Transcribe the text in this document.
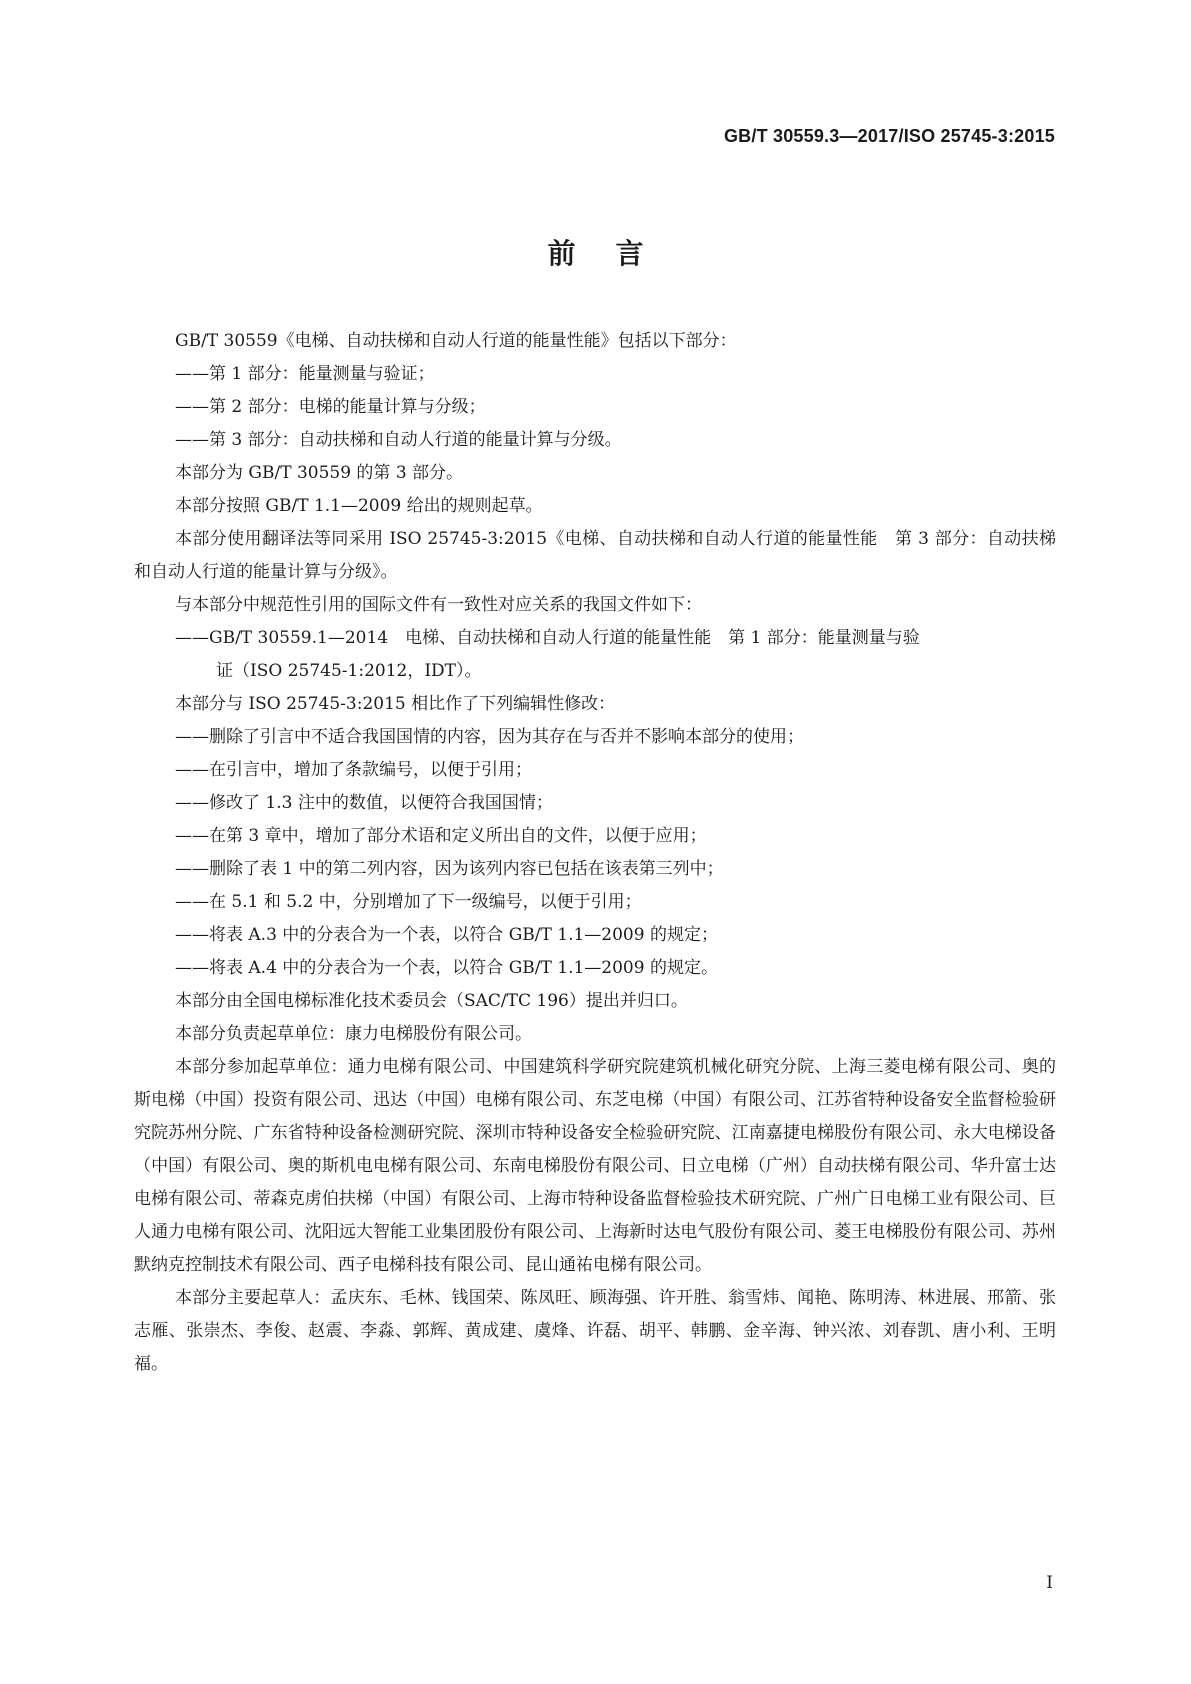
GB/T 30559.3—2017/ISO 25745-3:2015
前言
GB/T 30559《电梯、自动扶梯和自动人行道的能量性能》包括以下部分：
——第 1 部分：能量测量与验证；
——第 2 部分：电梯的能量计算与分级；
——第 3 部分：自动扶梯和自动人行道的能量计算与分级。
本部分为 GB/T 30559 的第 3 部分。
本部分按照 GB/T 1.1—2009 给出的规则起草。
本部分使用翻译法等同采用 ISO 25745-3:2015《电梯、自动扶梯和自动人行道的能量性能　第 3 部分：自动扶梯和自动人行道的能量计算与分级》。
与本部分中规范性引用的国际文件有一致性对应关系的我国文件如下：
——GB/T 30559.1—2014　电梯、自动扶梯和自动人行道的能量性能　第 1 部分：能量测量与验
证（ISO 25745-1:2012，IDT）。
本部分与 ISO 25745-3:2015 相比作了下列编辑性修改：
——删除了引言中不适合我国国情的内容，因为其存在与否并不影响本部分的使用；
——在引言中，增加了条款编号，以便于引用；
——修改了 1.3 注中的数值，以便符合我国国情；
——在第 3 章中，增加了部分术语和定义所出自的文件，以便于应用；
——删除了表 1 中的第二列内容，因为该列内容已包括在该表第三列中；
——在 5.1 和 5.2 中，分别增加了下一级编号，以便于引用；
——将表 A.3 中的分表合为一个表，以符合 GB/T 1.1—2009 的规定；
——将表 A.4 中的分表合为一个表，以符合 GB/T 1.1—2009 的规定。
本部分由全国电梯标准化技术委员会（SAC/TC 196）提出并归口。
本部分负责起草单位：康力电梯股份有限公司。
本部分参加起草单位：通力电梯有限公司、中国建筑科学研究院建筑机械化研究分院、上海三菱电梯有限公司、奥的斯电梯（中国）投资有限公司、迅达（中国）电梯有限公司、东芝电梯（中国）有限公司、江苏省特种设备安全监督检验研究院苏州分院、广东省特种设备检测研究院、深圳市特种设备安全检验研究院、江南嘉捷电梯股份有限公司、永大电梯设备（中国）有限公司、奥的斯机电电梯有限公司、东南电梯股份有限公司、日立电梯（广州）自动扶梯有限公司、华升富士达电梯有限公司、蒂森克虏伯扶梯（中国）有限公司、上海市特种设备监督检验技术研究院、广州广日电梯工业有限公司、巨人通力电梯有限公司、沈阳远大智能工业集团股份有限公司、上海新时达电气股份有限公司、菱王电梯股份有限公司、苏州默纳克控制技术有限公司、西子电梯科技有限公司、昆山通祐电梯有限公司。
本部分主要起草人：孟庆东、毛林、钱国荣、陈凤旺、顾海强、许开胜、翁雪炜、闻艳、陈明涛、林进展、邢箭、张志雁、张崇杰、李俊、赵震、李淼、郭辉、黄成建、虞烽、许磊、胡平、韩鹏、金辛海、钟兴浓、刘春凯、唐小利、王明福。
I
